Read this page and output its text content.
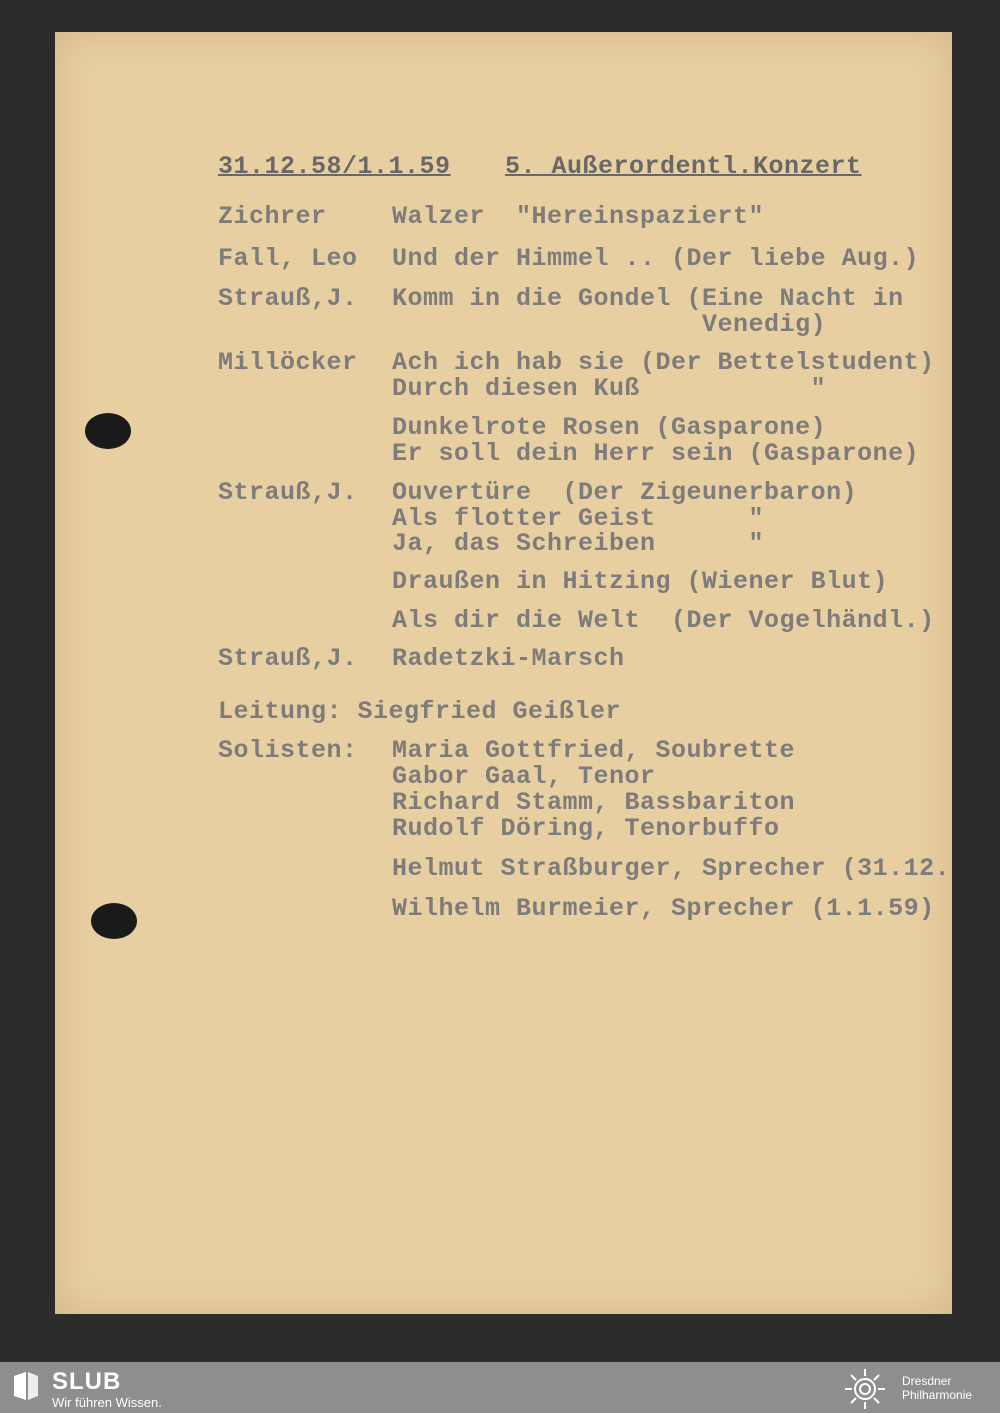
31.12.58/1.1.59 5. Außerordentl.Konzert
Zichrer	Walzer  "Hereinspaziert"
Fall, Leo Und der Himmel .. (Der liebe Aug.)
Strauß,J. Komm in die Gondel (Eine Nacht in
Venedig)
Millöcker Ach ich hab sie (Der Bettelstudent)
Durch diesen Kuß           "
Dunkelrote Rosen (Gasparone)
Er soll dein Herr sein (Gasparone)
Strauß,J. Ouvertüre  (Der Zigeunerbaron)
Als flotter Geist      "
Ja, das Schreiben      "
Draußen in Hitzing (Wiener Blut)
Als dir die Welt  (Der Vogelhändl.)
Strauß,J. Radetzki-Marsch
Leitung: Siegfried Geißler
Solisten: Maria Gottfried, Soubrette
Gabor Gaal, Tenor
Richard Stamm, Bassbariton
Rudolf Döring, Tenorbuffo
Helmut Straßburger, Sprecher (31.12.
Wilhelm Burmeier, Sprecher (1.1.59)
SLUB
Wir führen Wissen.
Dresdner
Philharmonie
